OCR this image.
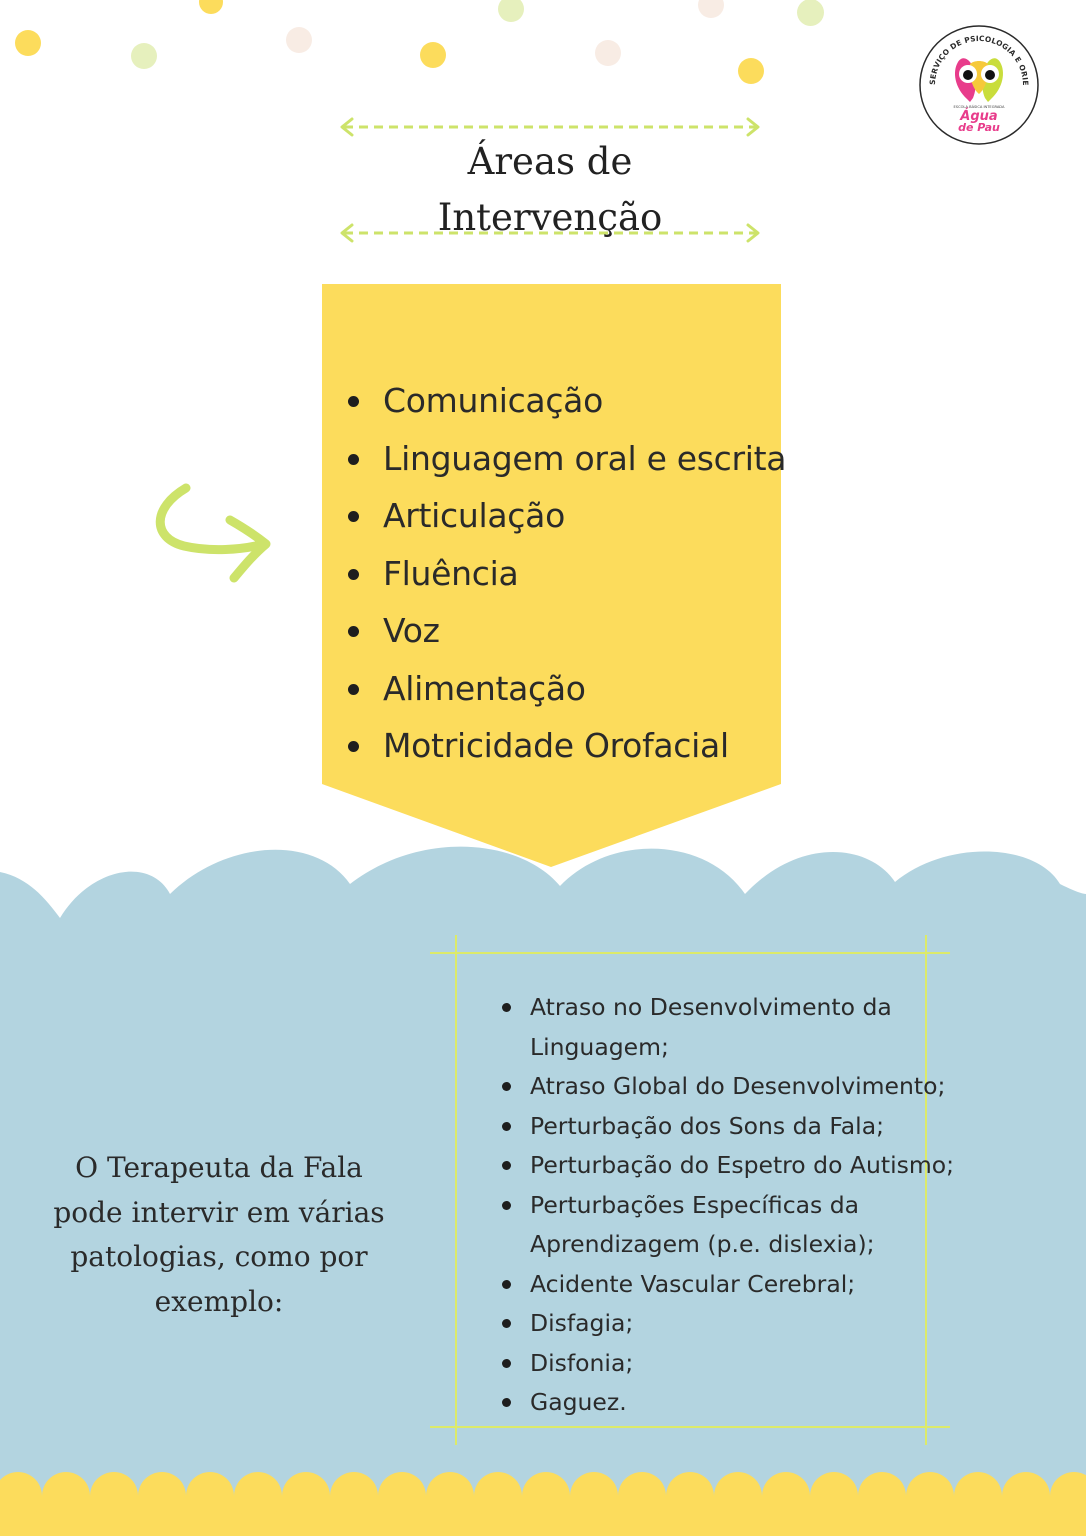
SERVIÇO DE PSICOLOGIA E ORIE
ESCOLA BÁSICA INTEGRADA
Água
de Pau
Áreas de
Intervenção
Comunicação
Linguagem oral e escrita
Articulação
Fluência
Voz
Alimentação
Motricidade Orofacial
O Terapeuta da Fala pode intervir em várias patologias, como por exemplo:
Atraso no Desenvolvimento da Linguagem;
Atraso Global do Desenvolvimento;
Perturbação dos Sons da Fala;
Perturbação do Espetro do Autismo;
Perturbações Específicas da Aprendizagem (p.e. dislexia);
Acidente Vascular Cerebral;
Disfagia;
Disfonia;
Gaguez.
